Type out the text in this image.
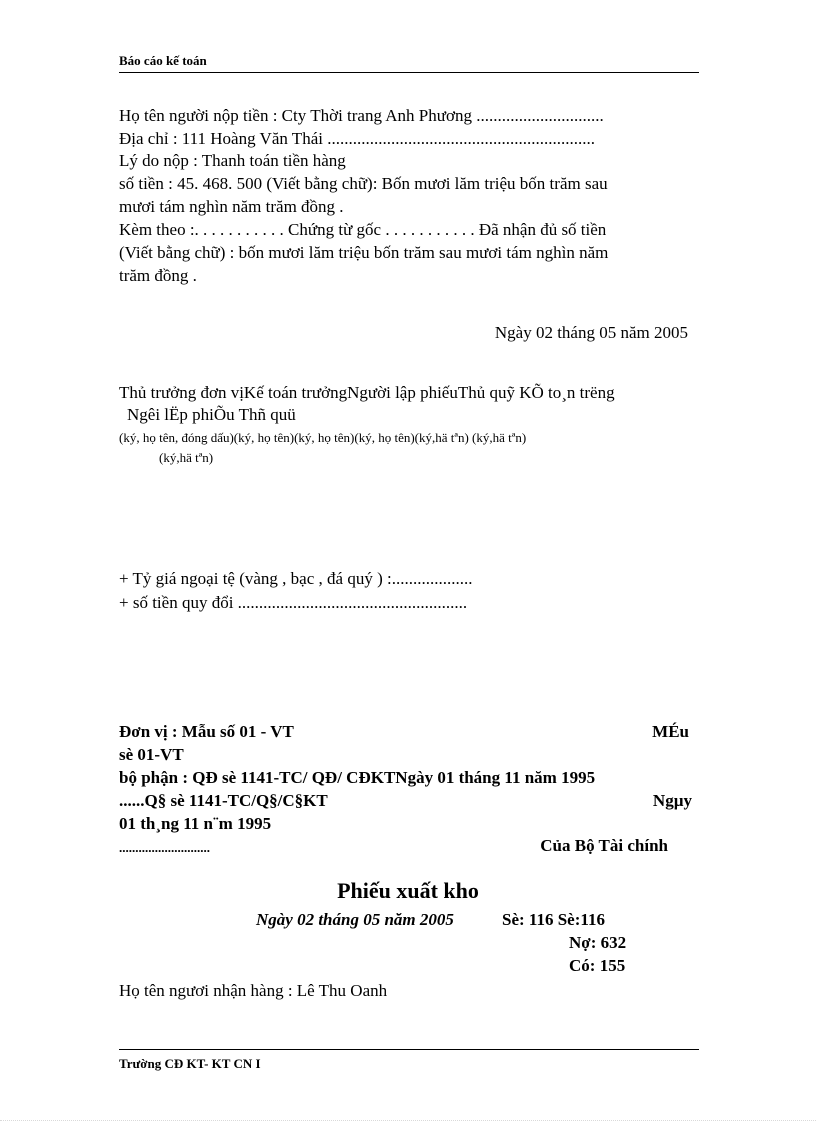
Báo cáo kế toán
Họ tên người nộp tiền : Cty Thời trang Anh Phương ..............................
Địa chỉ : 111 Hoàng Văn Thái ...............................................................
Lý do nộp : Thanh toán tiền hàng
số tiền : 45. 468. 500 (Viết bằng chữ): Bốn mươi lăm triệu bốn trăm sau
mươi tám nghìn năm trăm đồng .
Kèm theo :. . . . . . . . . . . Chứng từ gốc . . . . . . . . . . . Đã nhận đủ số tiền
(Viết bằng chữ) : bốn mươi lăm triệu bốn trăm sau mươi tám nghìn năm
trăm đồng .
Ngày 02 tháng 05 năm 2005
Thủ trưởng đơn vịKế toán trưởngNgười lập phiếuThủ quỹ KÕ to¸n trëng
Ngêi lËp phiÕu Thñ quü
(ký, họ tên, đóng dấu)(ký, họ tên)(ký, họ tên)(ký, họ tên)(ký,hä tªn) (ký,hä tªn)
(ký,hä tªn)
+ Tỷ giá ngoại tệ (vàng , bạc , đá quý ) :...................
+ số tiền quy đổi ......................................................
Đơn vị : Mẫu số 01 - VT	MÉu
sè 01-VT
bộ phận : QĐ sè 1141-TC/ QĐ/ CĐKTNgày 01 tháng 11 năm 1995
......Q§ sè 1141-TC/Q§/C§KT	Ngµy
01 th¸ng 11 n¨m 1995
............................	Của Bộ Tài chính
Phiếu xuất kho
Ngày 02 tháng 05 năm 2005	Sè: 116 Sè:116
Nợ: 632
Có: 155
Họ tên ngươi nhận hàng : Lê Thu Oanh
Trường CĐ KT- KT CN I
